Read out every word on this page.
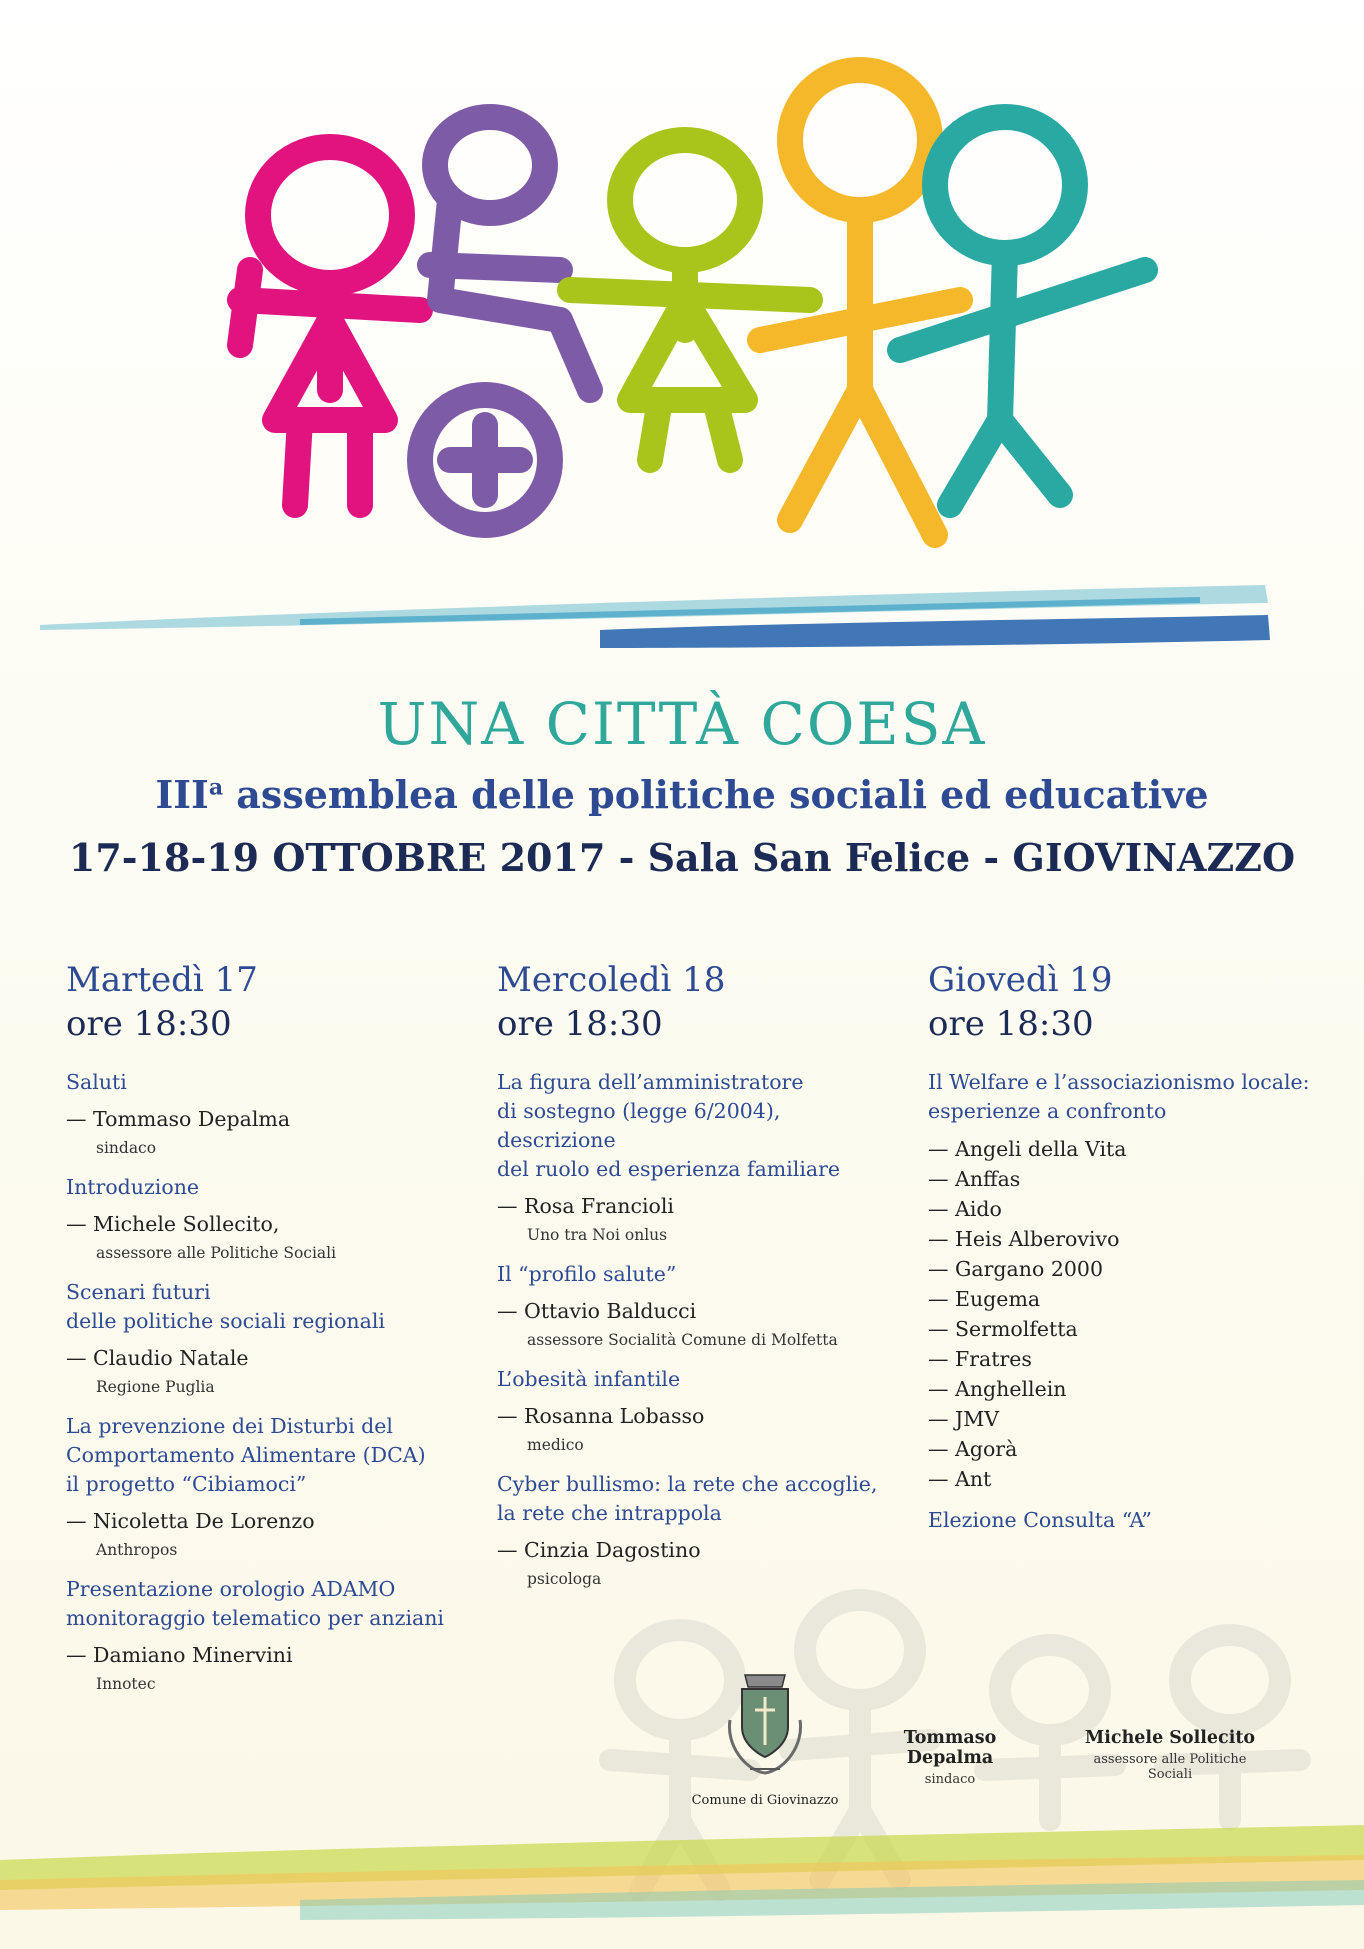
UNA CITTÀ COESA
III$^a$ assemblea delle politiche sociali ed educative
17-18-19 OTTOBRE 2017 - Sala San Felice - GIOVINAZZO
Martedì 17
ore 18:30
Saluti
— Tommaso Depalma
sindaco
Introduzione
— Michele Sollecito,
assessore alle Politiche Sociali
Scenari futuri
delle politiche sociali regionali
— Claudio Natale
Regione Puglia
La prevenzione dei Disturbi del
Comportamento Alimentare (DCA)
il progetto “Cibiamoci”
— Nicoletta De Lorenzo
Anthropos
Presentazione orologio ADAMO
monitoraggio telematico per anziani
— Damiano Minervini
Innotec
Mercoledì 18
ore 18:30
La figura dell’amministratore
di sostegno (legge 6/2004), descrizione
del ruolo ed esperienza familiare
— Rosa Francioli
Uno tra Noi onlus
Il “profilo salute”
— Ottavio Balducci
assessore Socialità Comune di Molfetta
L’obesità infantile
— Rosanna Lobasso
medico
Cyber bullismo: la rete che accoglie,
la rete che intrappola
— Cinzia Dagostino
psicologa
Giovedì 19
ore 18:30
Il Welfare e l’associazionismo locale:
esperienze a confronto
— Angeli della Vita
— Anffas
— Aido
— Heis Alberovivo
— Gargano 2000
— Eugema
— Sermolfetta
— Fratres
— Anghellein
— JMV
— Agorà
— Ant
Elezione Consulta “A”
Comune di Giovinazzo
Tommaso Depalma
sindaco
Michele Sollecito
assessore alle Politiche Sociali
